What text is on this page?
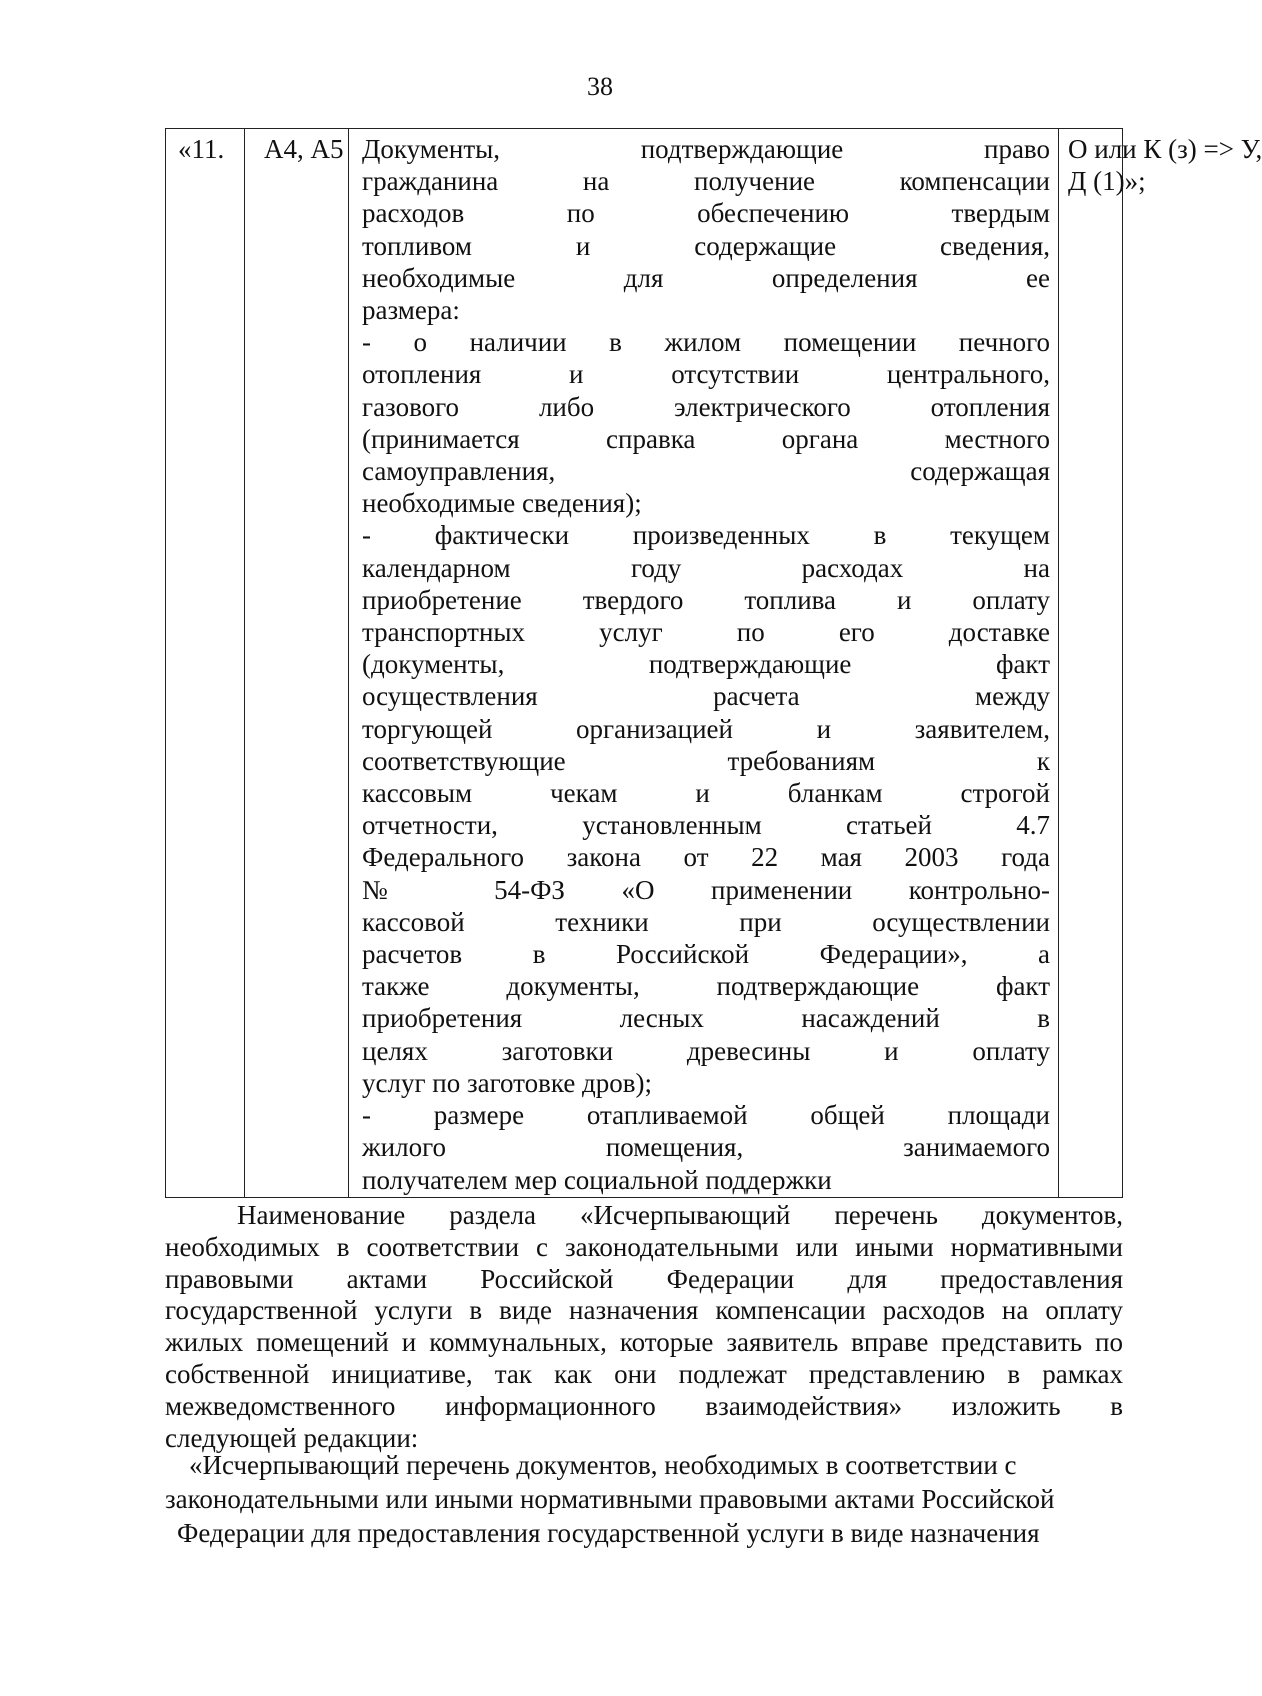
38
«11. А4, А5 Документы, подтверждающие право
гражданина на получение компенсации
расходов по обеспечению твердым
топливом и содержащие сведения,
необходимые для определения ее
размера:
- о наличии в жилом помещении печного
отопления и отсутствии центрального,
газового либо электрического отопления
(принимается справка органа местного
самоуправления, содержащая
необходимые сведения);
- фактически произведенных в текущем
календарном году расходах на
приобретение твердого топлива и оплату
транспортных услуг по его доставке
(документы, подтверждающие факт
осуществления расчета между
торгующей организацией и заявителем,
соответствующие требованиям к
кассовым чекам и бланкам строгой
отчетности, установленным статьей 4.7
Федерального закона от 22 мая 2003 года
№ 54-ФЗ «О применении контрольно-
кассовой техники при осуществлении
расчетов в Российской Федерации», а
также документы, подтверждающие факт
приобретения лесных насаждений в
целях заготовки древесины и оплату
услуг по заготовке дров);
- размере отапливаемой общей площади
жилого помещения, занимаемого
получателем мер социальной поддержки
О или К (з) => У,
Д (1)»;
Наименование раздела «Исчерпывающий перечень документов,
необходимых в соответствии с законодательными или иными нормативными
правовыми актами Российской Федерации для предоставления
государственной услуги в виде назначения компенсации расходов на оплату
жилых помещений и коммунальных, которые заявитель вправе представить по
собственной инициативе, так как они подлежат представлению в рамках
межведомственного информационного взаимодействия» изложить в
следующей редакции:
«Исчерпывающий перечень документов, необходимых в соответствии с
законодательными или иными нормативными правовыми актами Российской
Федерации для предоставления государственной услуги в виде назначения
